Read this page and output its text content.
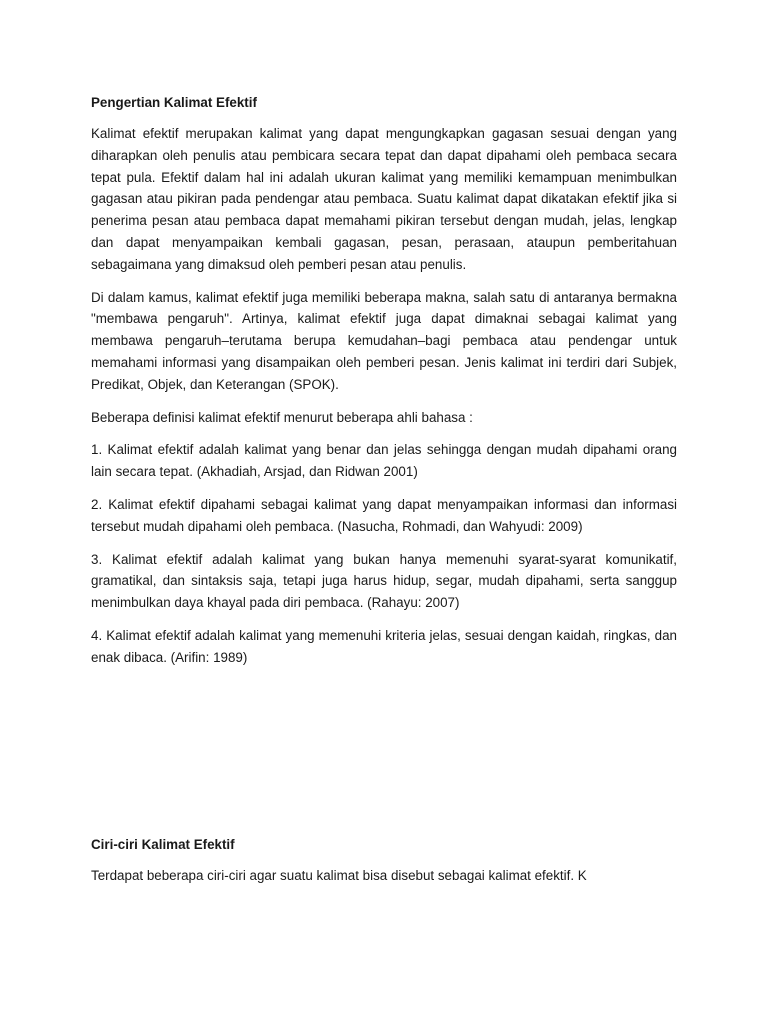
Pengertian Kalimat Efektif

Kalimat efektif merupakan kalimat yang dapat mengungkapkan gagasan sesuai dengan yang diharapkan oleh penulis atau pembicara secara tepat dan dapat dipahami oleh pembaca secara tepat pula. Efektif dalam hal ini adalah ukuran kalimat yang memiliki kemampuan menimbulkan gagasan atau pikiran pada pendengar atau pembaca. Suatu kalimat dapat dikatakan efektif jika si penerima pesan atau pembaca dapat memahami pikiran tersebut dengan mudah, jelas, lengkap dan dapat menyampaikan kembali gagasan, pesan, perasaan, ataupun pemberitahuan sebagaimana yang dimaksud oleh pemberi pesan atau penulis.

Di dalam kamus, kalimat efektif juga memiliki beberapa makna, salah satu di antaranya bermakna "membawa pengaruh". Artinya, kalimat efektif juga dapat dimaknai sebagai kalimat yang membawa pengaruh–terutama berupa kemudahan–bagi pembaca atau pendengar untuk memahami informasi yang disampaikan oleh pemberi pesan. Jenis kalimat ini terdiri dari Subjek, Predikat, Objek, dan Keterangan (SPOK).

Beberapa definisi kalimat efektif menurut beberapa ahli bahasa :

1. Kalimat efektif adalah kalimat yang benar dan jelas sehingga dengan mudah dipahami orang lain secara tepat. (Akhadiah, Arsjad, dan Ridwan 2001)

2. Kalimat efektif dipahami sebagai kalimat yang dapat menyampaikan informasi dan informasi tersebut mudah dipahami oleh pembaca. (Nasucha, Rohmadi, dan Wahyudi: 2009)

3. Kalimat efektif adalah kalimat yang bukan hanya memenuhi syarat-syarat komunikatif, gramatikal, dan sintaksis saja, tetapi juga harus hidup, segar, mudah dipahami, serta sanggup menimbulkan daya khayal pada diri pembaca. (Rahayu: 2007)

4. Kalimat efektif adalah kalimat yang memenuhi kriteria jelas, sesuai dengan kaidah, ringkas, dan enak dibaca. (Arifin: 1989)

Ciri-ciri Kalimat Efektif

Terdapat beberapa ciri-ciri agar suatu kalimat bisa disebut sebagai kalimat efektif. K
